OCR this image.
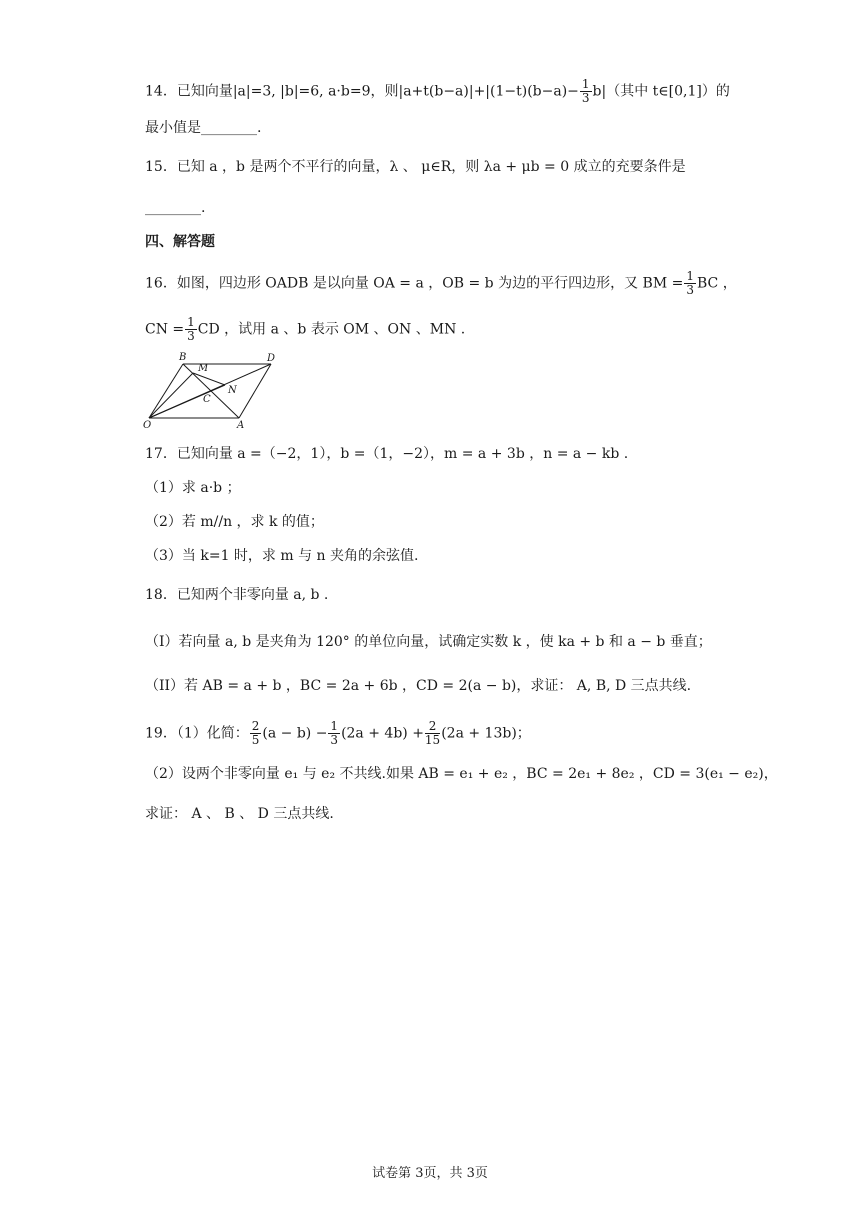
14．已知向量|a|=3, |b|=6, a·b=9，则$|a+t(b-a)|+|(1-t)(b-a)- \frac{1}{3} b|$（其中 t∈[0,1]）的
最小值是________.
15．已知 a ，b 是两个不平行的向量，λ 、 μ∈R，则 λa + μb = 0 成立的充要条件是
________.
四、解答题
16．如图，四边形 OADB 是以向量 OA = a ，OB = b 为边的平行四边形，又 BM = $\frac{1}{3}$ BC ，
CN = $\frac{1}{3}$ CD ，试用 a 、b 表示 OM 、ON 、MN .
B
M
D
N
C
O	A
17．已知向量 a =（−2，1），b =（1，−2），m = a + 3b ，n = a − kb .
（1）求 a·b ；
（2）若 m//n ，求 k 的值；
（3）当 k=1 时，求 m 与 n 夹角的余弦值.
18．已知两个非零向量 a, b .
（I）若向量 a, b 是夹角为 120° 的单位向量，试确定实数 k ，使 ka + b 和 a − b 垂直；
（II）若 AB = a + b ，BC = 2a + 6b ，CD = 2(a − b)，求证： A, B, D 三点共线.
19．（1）化简： $\frac{2}{5} (a - b) - \frac{1}{3} (2a + 4b) + \frac{2}{15} (2a + 13b)$；
（2）设两个非零向量 e₁ 与 e₂ 不共线.如果 AB = e₁ + e₂ ，BC = 2e₁ + 8e₂ ，CD = 3(e₁ − e₂)，
求证： A 、 B 、 D 三点共线.
试卷第 3页，共 3页
